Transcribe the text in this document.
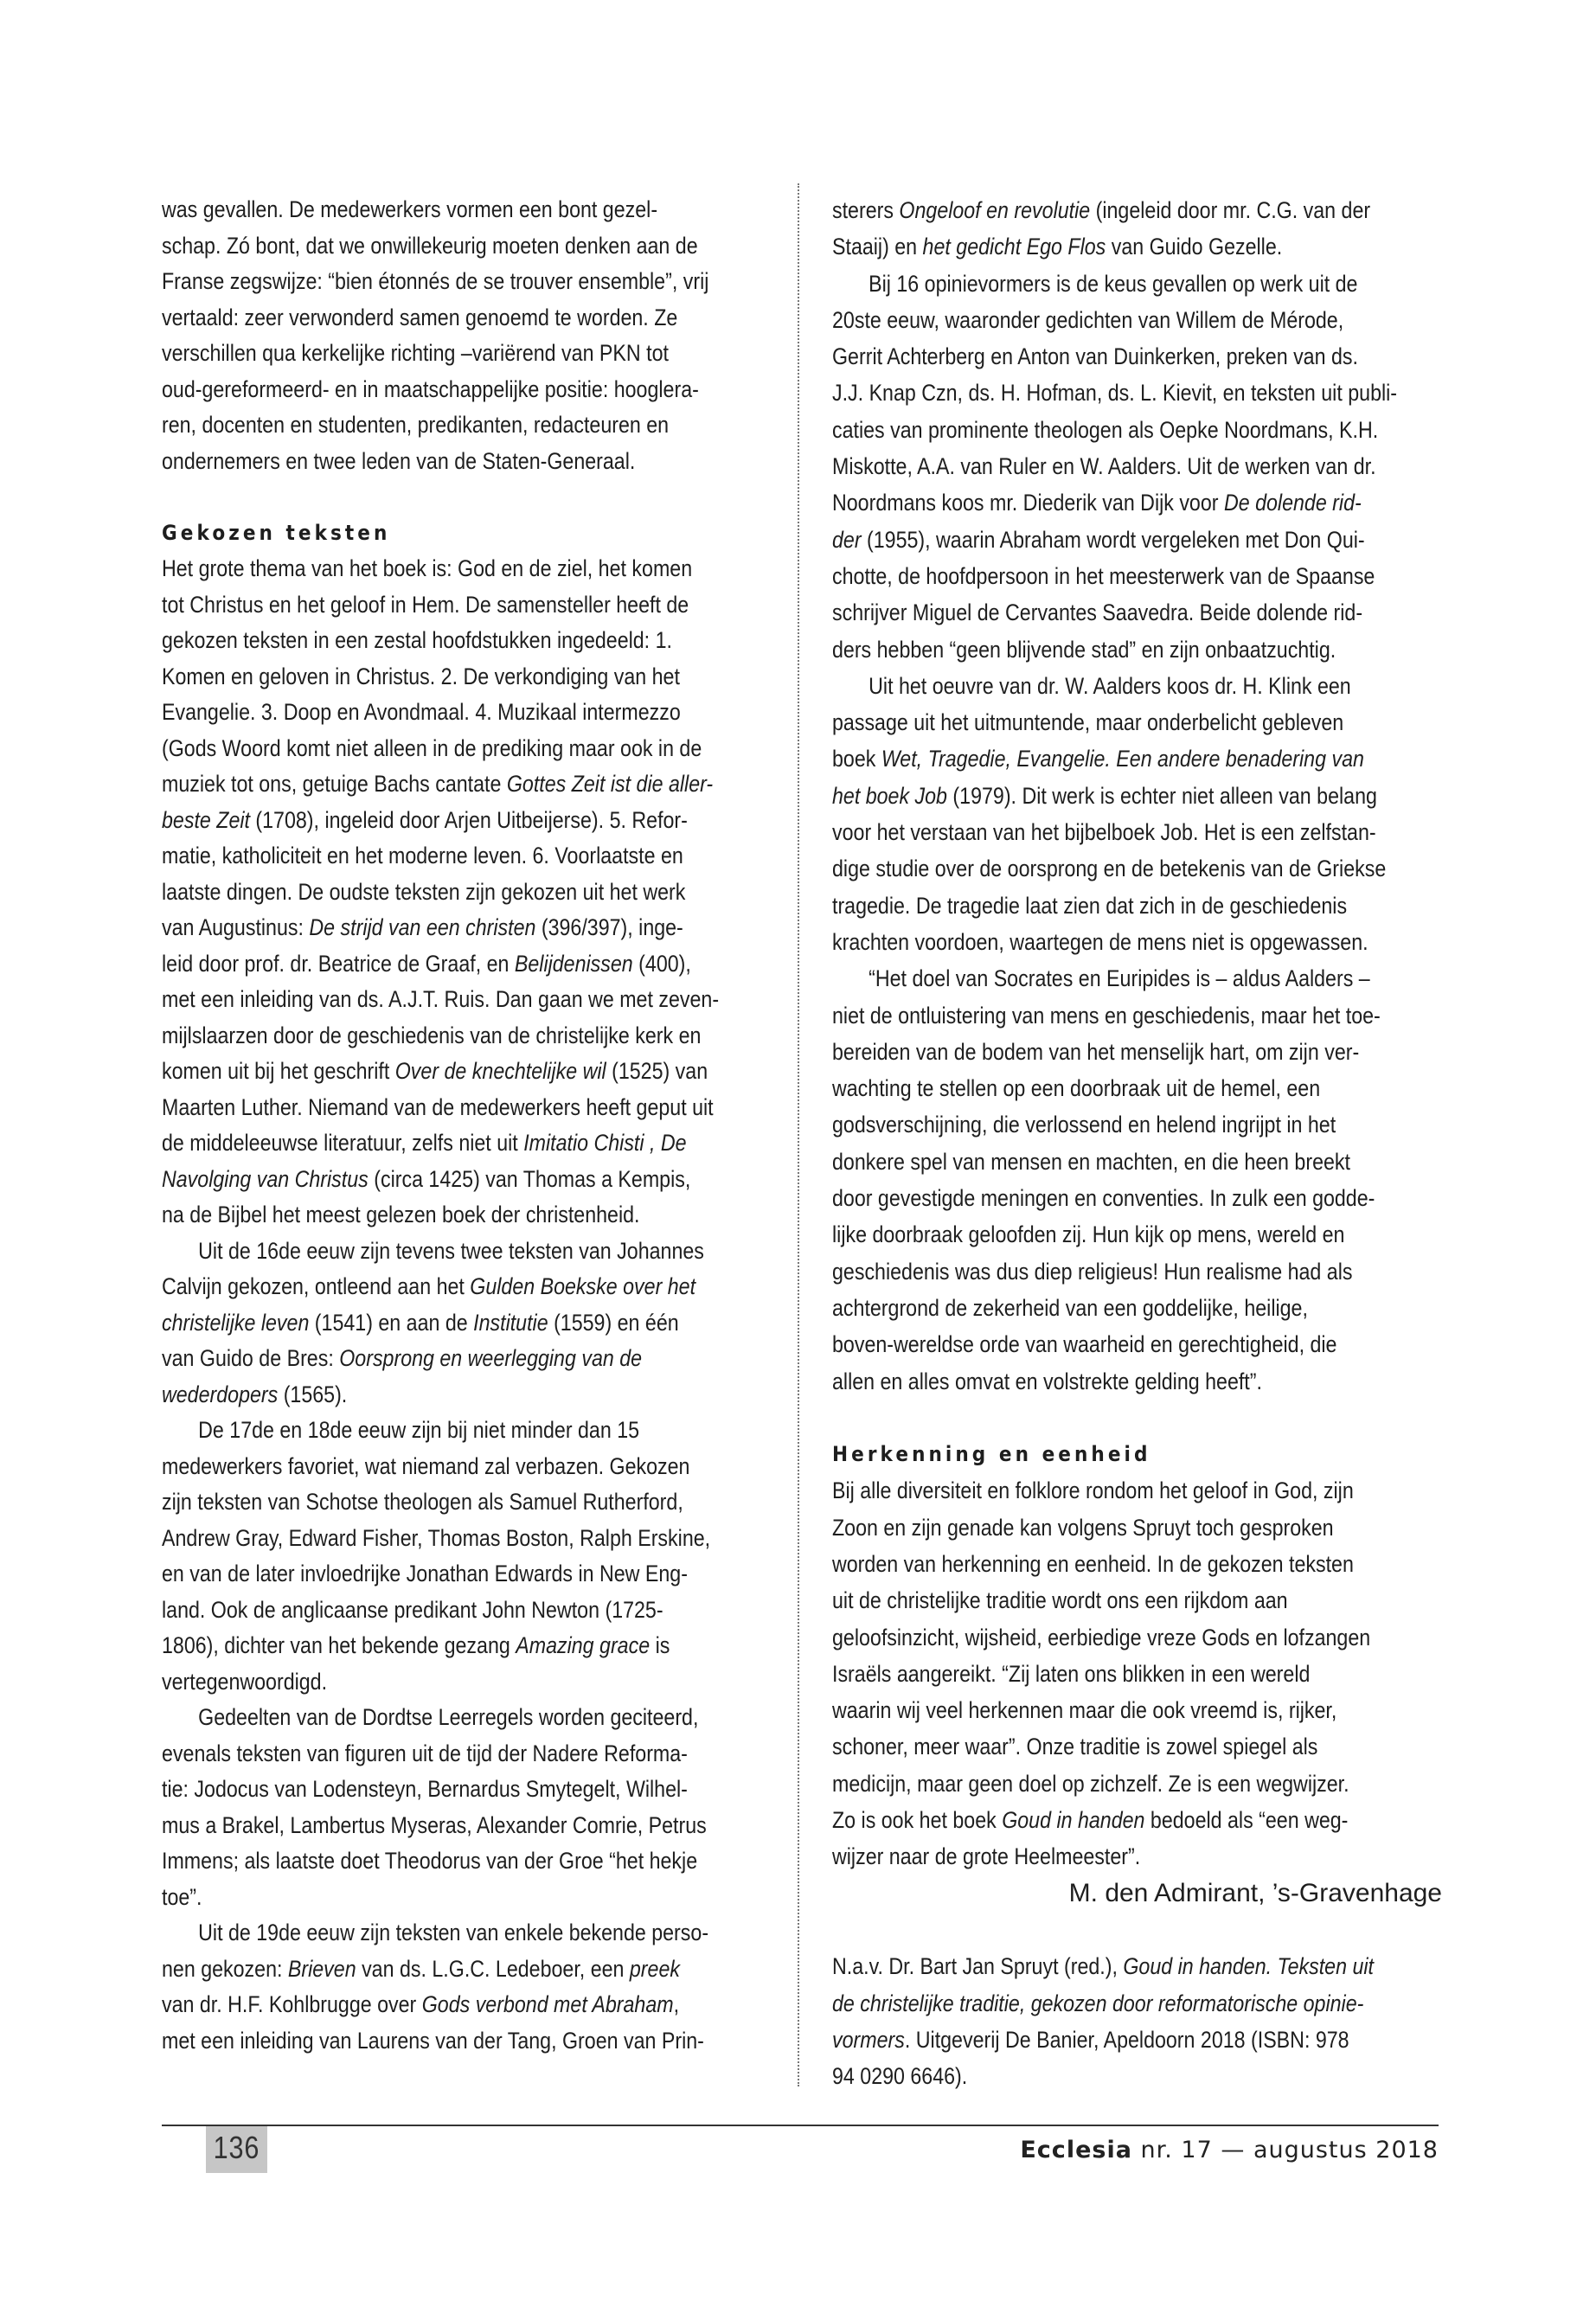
was gevallen. De medewerkers vormen een bont gezel-
schap. Zó bont, dat we onwillekeurig moeten denken aan de
Franse zegswijze: “bien étonnés de se trouver ensemble”, vrij
vertaald: zeer verwonderd samen genoemd te worden. Ze
verschillen qua kerkelijke richting –variërend van PKN tot
oud-gereformeerd- en in maatschappelijke positie: hooglera-
ren, docenten en studenten, predikanten, redacteuren en
ondernemers en twee leden van de Staten-Generaal.
Gekozen teksten
Het grote thema van het boek is: God en de ziel, het komen
tot Christus en het geloof in Hem. De samensteller heeft de
gekozen teksten in een zestal hoofdstukken ingedeeld: 1.
Komen en geloven in Christus. 2. De verkondiging van het
Evangelie. 3. Doop en Avondmaal. 4. Muzikaal intermezzo
(Gods Woord komt niet alleen in de prediking maar ook in de
muziek tot ons, getuige Bachs cantate Gottes Zeit ist die aller-
beste Zeit (1708), ingeleid door Arjen Uitbeijerse). 5. Refor-
matie, katholiciteit en het moderne leven. 6. Voorlaatste en
laatste dingen. De oudste teksten zijn gekozen uit het werk
van Augustinus: De strijd van een christen (396/397), inge-
leid door prof. dr. Beatrice de Graaf, en Belijdenissen (400),
met een inleiding van ds. A.J.T. Ruis. Dan gaan we met zeven-
mijlslaarzen door de geschiedenis van de christelijke kerk en
komen uit bij het geschrift Over de knechtelijke wil (1525) van
Maarten Luther. Niemand van de medewerkers heeft geput uit
de middeleeuwse literatuur, zelfs niet uit Imitatio Chisti , De
Navolging van Christus (circa 1425) van Thomas a Kempis,
na de Bijbel het meest gelezen boek der christenheid.
Uit de 16de eeuw zijn tevens twee teksten van Johannes
Calvijn gekozen, ontleend aan het Gulden Boekske over het
christelijke leven (1541) en aan de Institutie (1559) en één
van Guido de Bres: Oorsprong en weerlegging van de
wederdopers (1565).
De 17de en 18de eeuw zijn bij niet minder dan 15
medewerkers favoriet, wat niemand zal verbazen. Gekozen
zijn teksten van Schotse theologen als Samuel Rutherford,
Andrew Gray, Edward Fisher, Thomas Boston, Ralph Erskine,
en van de later invloedrijke Jonathan Edwards in New Eng-
land. Ook de anglicaanse predikant John Newton (1725-
1806), dichter van het bekende gezang Amazing grace is
vertegenwoordigd.
Gedeelten van de Dordtse Leerregels worden geciteerd,
evenals teksten van figuren uit de tijd der Nadere Reforma-
tie: Jodocus van Lodensteyn, Bernardus Smytegelt, Wilhel-
mus a Brakel, Lambertus Myseras, Alexander Comrie, Petrus
Immens; als laatste doet Theodorus van der Groe “het hekje
toe”.
Uit de 19de eeuw zijn teksten van enkele bekende perso-
nen gekozen: Brieven van ds. L.G.C. Ledeboer, een preek
van dr. H.F. Kohlbrugge over Gods verbond met Abraham,
met een inleiding van Laurens van der Tang, Groen van Prin-
sterers Ongeloof en revolutie (ingeleid door mr. C.G. van der
Staaij) en het gedicht Ego Flos van Guido Gezelle.
Bij 16 opinievormers is de keus gevallen op werk uit de
20ste eeuw, waaronder gedichten van Willem de Mérode,
Gerrit Achterberg en Anton van Duinkerken, preken van ds.
J.J. Knap Czn, ds. H. Hofman, ds. L. Kievit, en teksten uit publi-
caties van prominente theologen als Oepke Noordmans, K.H.
Miskotte, A.A. van Ruler en W. Aalders. Uit de werken van dr.
Noordmans koos mr. Diederik van Dijk voor De dolende rid-
der (1955), waarin Abraham wordt vergeleken met Don Qui-
chotte, de hoofdpersoon in het meesterwerk van de Spaanse
schrijver Miguel de Cervantes Saavedra. Beide dolende rid-
ders hebben “geen blijvende stad” en zijn onbaatzuchtig.
Uit het oeuvre van dr. W. Aalders koos dr. H. Klink een
passage uit het uitmuntende, maar onderbelicht gebleven
boek Wet, Tragedie, Evangelie. Een andere benadering van
het boek Job (1979). Dit werk is echter niet alleen van belang
voor het verstaan van het bijbelboek Job. Het is een zelfstan-
dige studie over de oorsprong en de betekenis van de Griekse
tragedie. De tragedie laat zien dat zich in de geschiedenis
krachten voordoen, waartegen de mens niet is opgewassen.
“Het doel van Socrates en Euripides is – aldus Aalders –
niet de ontluistering van mens en geschiedenis, maar het toe-
bereiden van de bodem van het menselijk hart, om zijn ver-
wachting te stellen op een doorbraak uit de hemel, een
godsverschijning, die verlossend en helend ingrijpt in het
donkere spel van mensen en machten, en die heen breekt
door gevestigde meningen en conventies. In zulk een godde-
lijke doorbraak geloofden zij. Hun kijk op mens, wereld en
geschiedenis was dus diep religieus! Hun realisme had als
achtergrond de zekerheid van een goddelijke, heilige,
boven-wereldse orde van waarheid en gerechtigheid, die
allen en alles omvat en volstrekte gelding heeft”.
Herkenning en eenheid
Bij alle diversiteit en folklore rondom het geloof in God, zijn
Zoon en zijn genade kan volgens Spruyt toch gesproken
worden van herkenning en eenheid. In de gekozen teksten
uit de christelijke traditie wordt ons een rijkdom aan
geloofsinzicht, wijsheid, eerbiedige vreze Gods en lofzangen
Israëls aangereikt. “Zij laten ons blikken in een wereld
waarin wij veel herkennen maar die ook vreemd is, rijker,
schoner, meer waar”. Onze traditie is zowel spiegel als
medicijn, maar geen doel op zichzelf. Ze is een wegwijzer.
Zo is ook het boek Goud in handen bedoeld als “een weg-
wijzer naar de grote Heelmeester”.
M. den Admirant, ’s-Gravenhage
N.a.v. Dr. Bart Jan Spruyt (red.), Goud in handen. Teksten uit
de christelijke traditie, gekozen door reformatorische opinie-
vormers. Uitgeverij De Banier, Apeldoorn 2018 (ISBN: 978
94 0290 6646).
136	Ecclesia nr. 17 — augustus 2018
